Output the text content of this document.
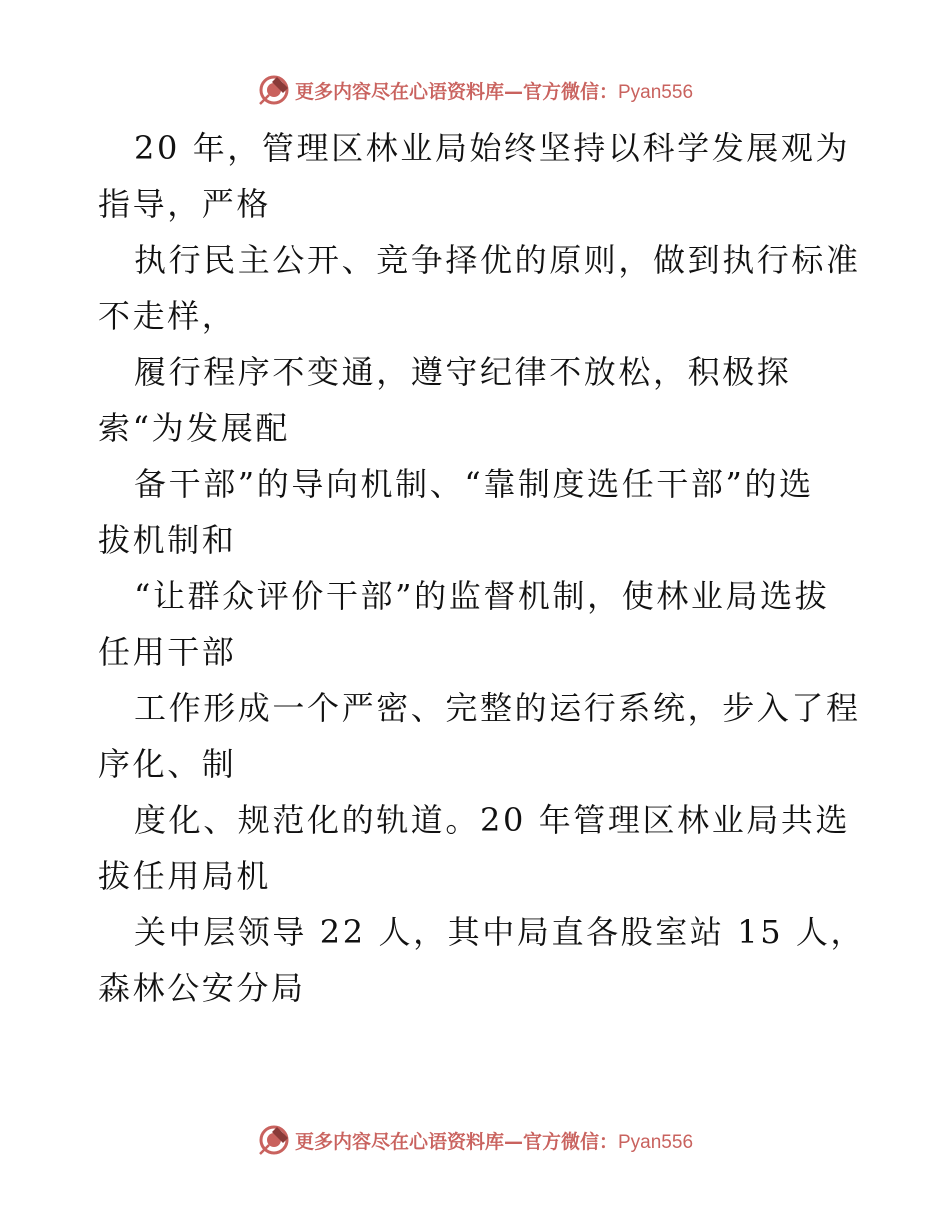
更多内容尽在心语资料库—官方微信：Pyan556
20 年，管理区林业局始终坚持以科学发展观为
指导，严格
执行民主公开、竞争择优的原则，做到执行标准
不走样，
履行程序不变通，遵守纪律不放松，积极探
索“为发展配
备干部”的导向机制、“靠制度选任干部”的选
拔机制和
“让群众评价干部”的监督机制，使林业局选拔
任用干部
工作形成一个严密、完整的运行系统，步入了程
序化、制
度化、规范化的轨道。20 年管理区林业局共选
拔任用局机
关中层领导 22 人，其中局直各股室站 15 人，
森林公安分局
更多内容尽在心语资料库—官方微信：Pyan556
